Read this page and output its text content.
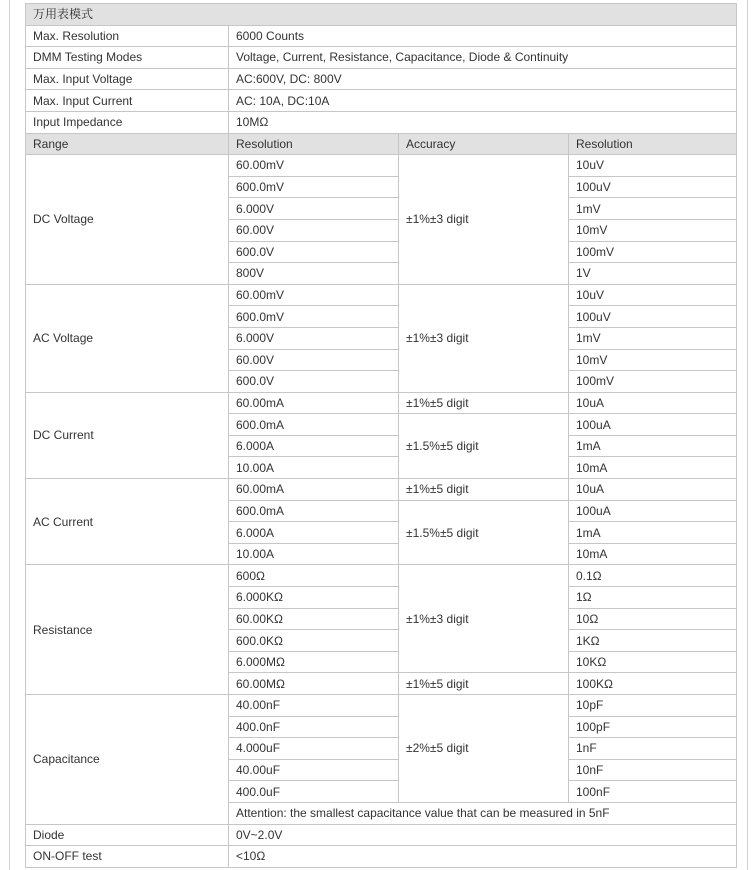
万用表模式			
Max. Resolution	6000 Counts		
DMM Testing Modes	Voltage, Current, Resistance, Capacitance, Diode & Continuity		
Max. Input Voltage	AC:600V, DC: 800V		
Max. Input Current	AC: 10A, DC:10A		
Input Impedance	10MΩ		
Range	Resolution	Accuracy	Resolution
DC Voltage	60.00mV	±1%±3 digit	10uV
	600.0mV		100uV
	6.000V		1mV
	60.00V		10mV
	600.0V		100mV
	800V		1V
AC Voltage	60.00mV	±1%±3 digit	10uV
	600.0mV		100uV
	6.000V		1mV
	60.00V		10mV
	600.0V		100mV
DC Current	60.00mA	±1%±5 digit	10uA
	600.0mA	±1.5%±5 digit	100uA
	6.000A		1mA
	10.00A		10mA
AC Current	60.00mA	±1%±5 digit	10uA
	600.0mA	±1.5%±5 digit	100uA
	6.000A		1mA
	10.00A		10mA
Resistance	600Ω	±1%±3 digit	0.1Ω
	6.000KΩ		1Ω
	60.00KΩ		10Ω
	600.0KΩ		1KΩ
	6.000MΩ		10KΩ
	60.00MΩ	±1%±5 digit	100KΩ
Capacitance	40.00nF	±2%±5 digit	10pF
	400.0nF		100pF
	4.000uF		1nF
	40.00uF		10nF
	400.0uF		100nF
	Attention: the smallest capacitance value that can be measured in 5nF		
Diode	0V~2.0V		
ON-OFF test	<10Ω		
